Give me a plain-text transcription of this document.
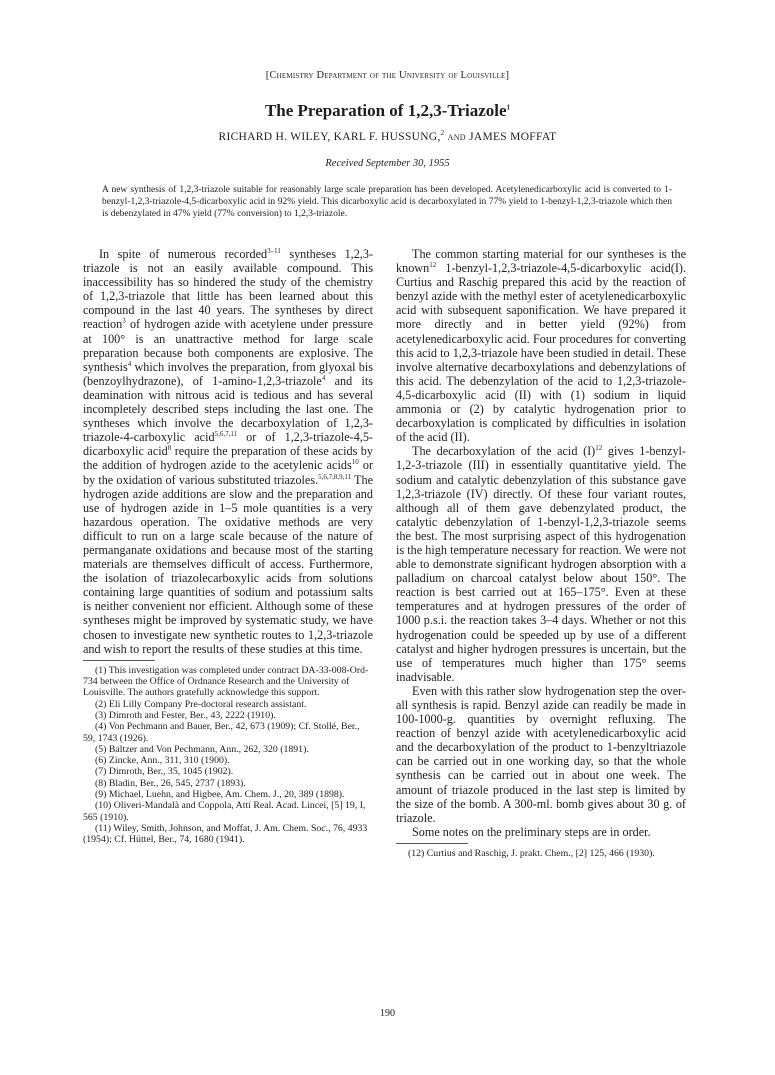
[Chemistry Department of the University of Louisville]
The Preparation of 1,2,3-Triazole$^1$
RICHARD H. WILEY, KARL F. HUSSUNG,$^2$ and JAMES MOFFAT
Received September 30, 1955
A new synthesis of 1,2,3-triazole suitable for reasonably large scale preparation has been developed. Acetylenedicarboxylic acid is converted to 1-benzyl-1,2,3-triazole-4,5-dicarboxylic acid in 92% yield. This dicarboxylic acid is decarboxylated in 77% yield to 1-benzyl-1,2,3-triazole which then is debenzylated in 47% yield (77% conversion) to 1,2,3-triazole.

In spite of numerous recorded$^{3-11}$ syntheses 1,2,3-triazole is not an easily available compound. This inaccessibility has so hindered the study of the chemistry of 1,2,3-triazole that little has been learned about this compound in the last 40 years. The syntheses by direct reaction$^3$ of hydrogen azide with acetylene under pressure at 100° is an unattractive method for large scale preparation because both components are explosive. The synthesis$^4$ which involves the preparation, from glyoxal bis (benzoylhydrazone), of 1-amino-1,2,3-triazole$^4$ and its deamination with nitrous acid is tedious and has several incompletely described steps including the last one. The syntheses which involve the decarboxylation of 1,2,3-triazole-4-carboxylic acid$^{5,6,7,11}$ or of 1,2,3-triazole-4,5-dicarboxylic acid$^8$ require the preparation of these acids by the addition of hydrogen azide to the acetylenic acids$^{10}$ or by the oxidation of various substituted triazoles.$^{5,6,7,8,9,11}$ The hydrogen azide additions are slow and the preparation and use of hydrogen azide in 1–5 mole quantities is a very hazardous operation. The oxidative methods are very difficult to run on a large scale because of the nature of permanganate oxidations and because most of the starting materials are themselves difficult of access. Furthermore, the isolation of triazolecarboxylic acids from solutions containing large quantities of sodium and potassium salts is neither convenient nor efficient. Although some of these syntheses might be improved by systematic study, we have chosen to investigate new synthetic routes to 1,2,3-triazole and wish to report the results of these studies at this time.

(1) This investigation was completed under contract DA-33-008-Ord-734 between the Office of Ordnance Research and the University of Louisville. The authors gratefully acknowledge this support.

(2) Eli Lilly Company Pre-doctoral research assistant.

(3) Dimroth and Fester, Ber., 43, 2222 (1910).

(4) Von Pechmann and Bauer, Ber., 42, 673 (1909); Cf. Stollé, Ber., 59, 1743 (1926).

(5) Baltzer and Von Pechmann, Ann., 262, 320 (1891).

(6) Zincke, Ann., 311, 310 (1900).

(7) Dimroth, Ber., 35, 1045 (1902).

(8) Bladin, Ber., 26, 545, 2737 (1893).

(9) Michael, Luehn, and Higbee, Am. Chem. J., 20, 389 (1898).

(10) Oliveri-Mandalà and Coppola, Atti Real. Acad. Lincei, [5] 19, I, 565 (1910).

(11) Wiley, Smith, Johnson, and Moffat, J. Am. Chem. Soc., 76, 4933 (1954); Cf. Hüttel, Ber., 74, 1680 (1941).

The common starting material for our syntheses is the known$^{12}$ 1-benzyl-1,2,3-triazole-4,5-dicarboxylic acid(I). Curtius and Raschig prepared this acid by the reaction of benzyl azide with the methyl ester of acetylenedicarboxylic acid with subsequent saponification. We have prepared it more directly and in better yield (92%) from acetylenedicarboxylic acid. Four procedures for converting this acid to 1,2,3-triazole have been studied in detail. These involve alternative decarboxylations and debenzylations of this acid. The debenzylation of the acid to 1,2,3-triazole-4,5-dicarboxylic acid (II) with (1) sodium in liquid ammonia or (2) by catalytic hydrogenation prior to decarboxylation is complicated by difficulties in isolation of the acid (II).

The decarboxylation of the acid $(I)^{12}$ gives 1-benzyl-1,2-3-triazole (III) in essentially quantitative yield. The sodium and catalytic debenzylation of this substance gave 1,2,3-triazole (IV) directly. Of these four variant routes, although all of them gave debenzylated product, the catalytic debenzylation of 1-benzyl-1,2,3-triazole seems the best. The most surprising aspect of this hydrogenation is the high temperature necessary for reaction. We were not able to demonstrate significant hydrogen absorption with a palladium on charcoal catalyst below about 150°. The reaction is best carried out at 165–175°. Even at these temperatures and at hydrogen pressures of the order of 1000 p.s.i. the reaction takes 3–4 days. Whether or not this hydrogenation could be speeded up by use of a different catalyst and higher hydrogen pressures is uncertain, but the use of temperatures much higher than 175° seems inadvisable.

Even with this rather slow hydrogenation step the over-all synthesis is rapid. Benzyl azide can readily be made in 100-1000-g. quantities by overnight refluxing. The reaction of benzyl azide with acetylenedicarboxylic acid and the decarboxylation of the product to 1-benzyltriazole can be carried out in one working day, so that the whole synthesis can be carried out in about one week. The amount of triazole produced in the last step is limited by the size of the bomb. A 300-ml. bomb gives about 30 g. of triazole.

Some notes on the preliminary steps are in order.

(12) Curtius and Raschig, J. prakt. Chem., [2] 125, 466 (1930).

190
